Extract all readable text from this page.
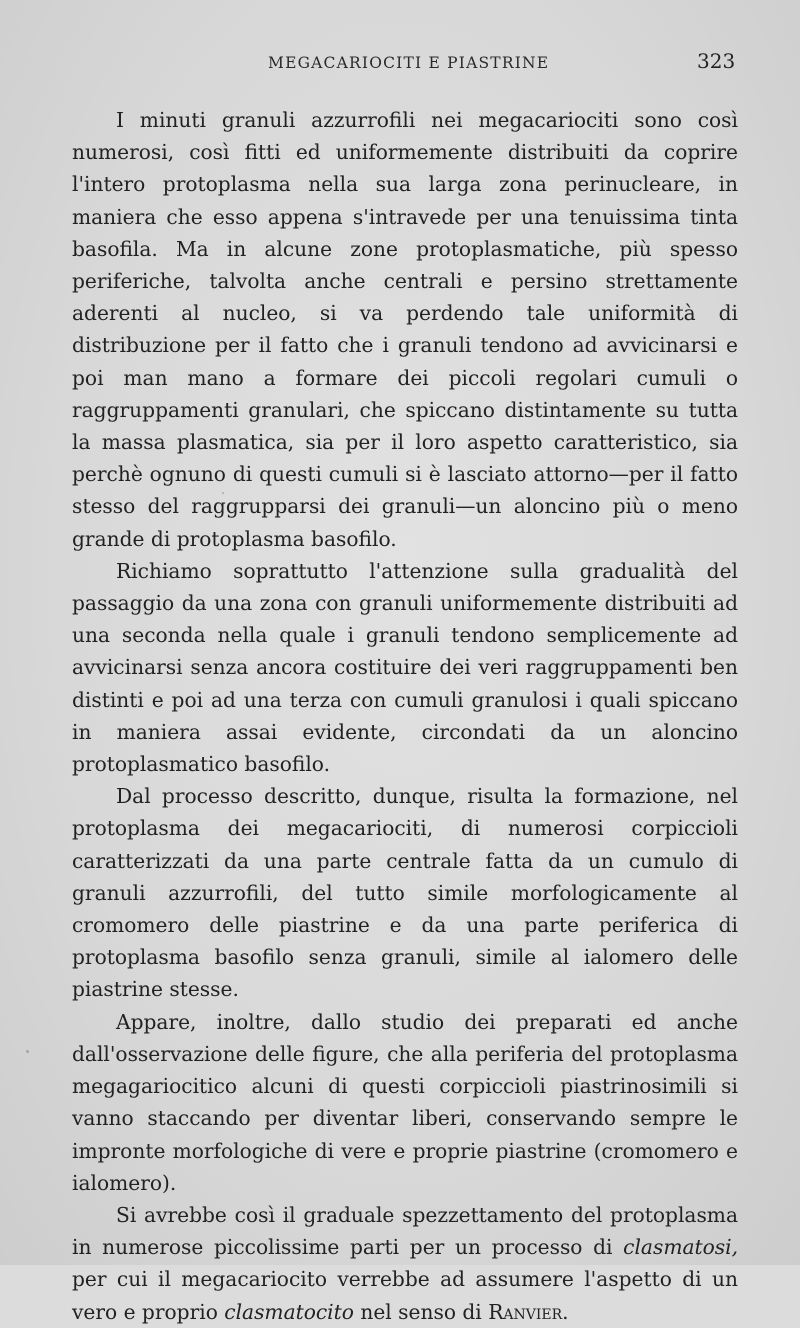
MEGACARIOCITI E PIASTRINE	323

I minuti granuli azzurrofili nei megacariociti sono così numerosi, così fitti ed uniformemente distribuiti da coprire l'intero protoplasma nella sua larga zona perinucleare, in maniera che esso appena s'intravede per una tenuissima tinta basofila. Ma in alcune zone protoplasmatiche, più spesso periferiche, talvolta anche centrali e persino strettamente aderenti al nucleo, si va perdendo tale uniformità di distribuzione per il fatto che i granuli tendono ad avvicinarsi e poi man mano a formare dei piccoli regolari cumuli o raggruppamenti granulari, che spiccano distintamente su tutta la massa plasmatica, sia per il loro aspetto caratteristico, sia perchè ognuno di questi cumuli si è lasciato attorno—per il fatto stesso del raggrupparsi dei granuli—un aloncino più o meno grande di protoplasma basofilo.

Richiamo soprattutto l'attenzione sulla gradualità del passaggio da una zona con granuli uniformemente distribuiti ad una seconda nella quale i granuli tendono semplicemente ad avvicinarsi senza ancora costituire dei veri raggruppamenti ben distinti e poi ad una terza con cumuli granulosi i quali spiccano in maniera assai evidente, circondati da un aloncino protoplasmatico basofilo.

Dal processo descritto, dunque, risulta la formazione, nel protoplasma dei megacariociti, di numerosi corpicciolі caratterizzati da una parte centrale fatta da un cumulo di granuli azzurrofili, del tutto simile morfologicamente al cromomero delle piastrine e da una parte periferica di protoplasma basofilo senza granuli, simile al ialomero delle piastrine stesse.

Appare, inoltre, dallo studio dei preparati ed anche dall'osservazione delle figure, che alla periferia del protoplasma megagariocitico alcuni di questi corpiccioli piastrinosimili si vanno staccando per diventar liberi, conservando sempre le impronte morfologiche di vere e proprie piastrine (cromomero e ialomero).

Si avrebbe così il graduale spezzettamento del protoplasma in numerose piccolissime parti per un processo di clasmatosi, per cui il megacariocito verrebbe ad assumere l'aspetto di un vero e proprio clasmatocito nel senso di Ranvier.
